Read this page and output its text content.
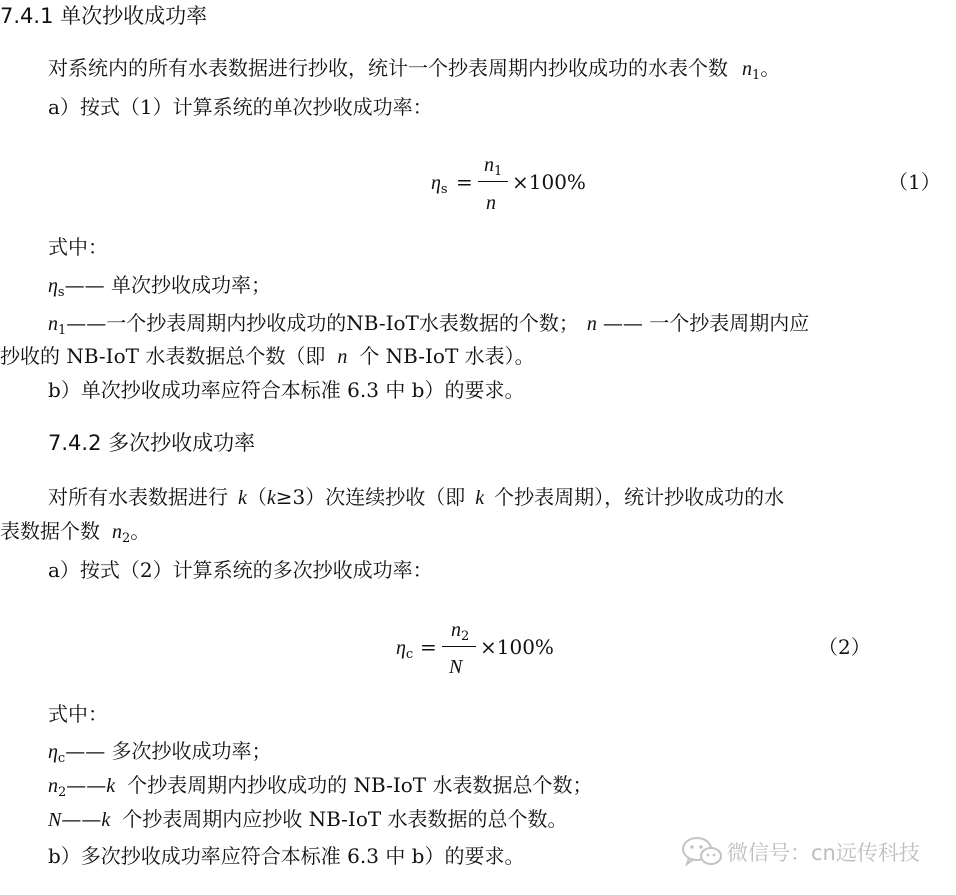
7.4.1 单次抄收成功率
对系统内的所有水表数据进行抄收，统计一个抄表周期内抄收成功的水表个数 $n_1$。
a）按式（1）计算系统的单次抄收成功率：
$\eta_s$ =
$n_1$
n
×100%	（1）
式中：
$\eta_s——$ 单次抄收成功率；
$n_1——$一个抄表周期内抄收成功的NB-IoT水表数据的个数； n —— 一个抄表周期内应
抄收的 NB-IoT 水表数据总个数（即 n 个 NB-IoT 水表）。
b）单次抄收成功率应符合本标准 6.3 中 b）的要求。
7.4.2 多次抄收成功率
对所有水表数据进行 k（k≥3）次连续抄收（即 k 个抄表周期），统计抄收成功的水
表数据个数 $n_2$。
a）按式（2）计算系统的多次抄收成功率：
$\eta_c$ =
$n_2$
N
×100%	（2）
式中：
$\eta_c——$ 多次抄收成功率；
$n_2——k$ 个抄表周期内抄收成功的 NB-IoT 水表数据总个数；
N——k 个抄表周期内应抄收 NB-IoT 水表数据的总个数。
b）多次抄收成功率应符合本标准 6.3 中 b）的要求。	微信号：cn远传科技
